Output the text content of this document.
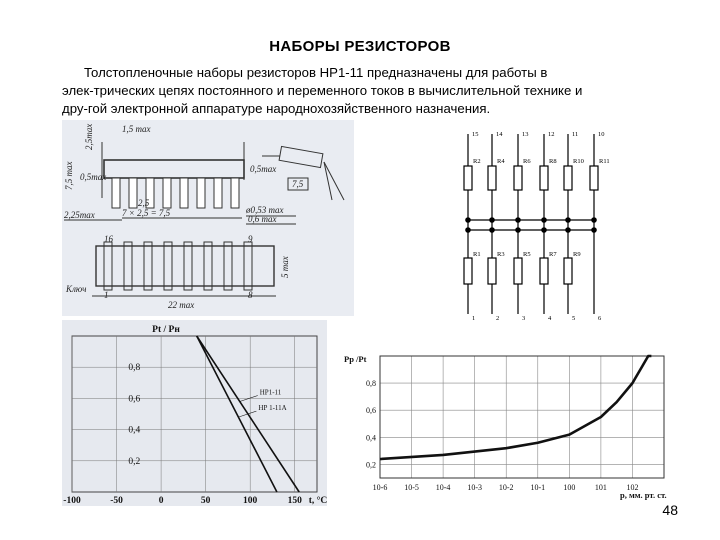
НАБОРЫ РЕЗИСТОРОВ
Толстопленочные наборы резисторов НР1-11 предназначены для работы в
элек-трических цепях постоянного и переменного токов в вычислительной технике и
дру-гой электронной аппаратуре народнохозяйственного назначения.
1,5 max
2,5max
7,5 max 0,5max
2,5
7 × 2,5 = 7,5
2,25max
0,5max
7,5
ø0,53 max
0,6 max
16	9
1	8
Ключ
22 max
5 max
15
1
R2
R1
14
2
R4
R3
13
3
R6
R5
12
4
R8
R7
11
5
R10
R9
10
6
R11
-100	-50	0	50	100	150
0,2
0,4
0,6
0,8
Pt / Pн
t, °C
НР1-11
НР 1-11А
10-6 10-5 10-4 10-3 10-2 10-1 100 101 102
0,2
0,4
0,6
0,8
Pp /Pt
p, мм. рт. ст.
48
